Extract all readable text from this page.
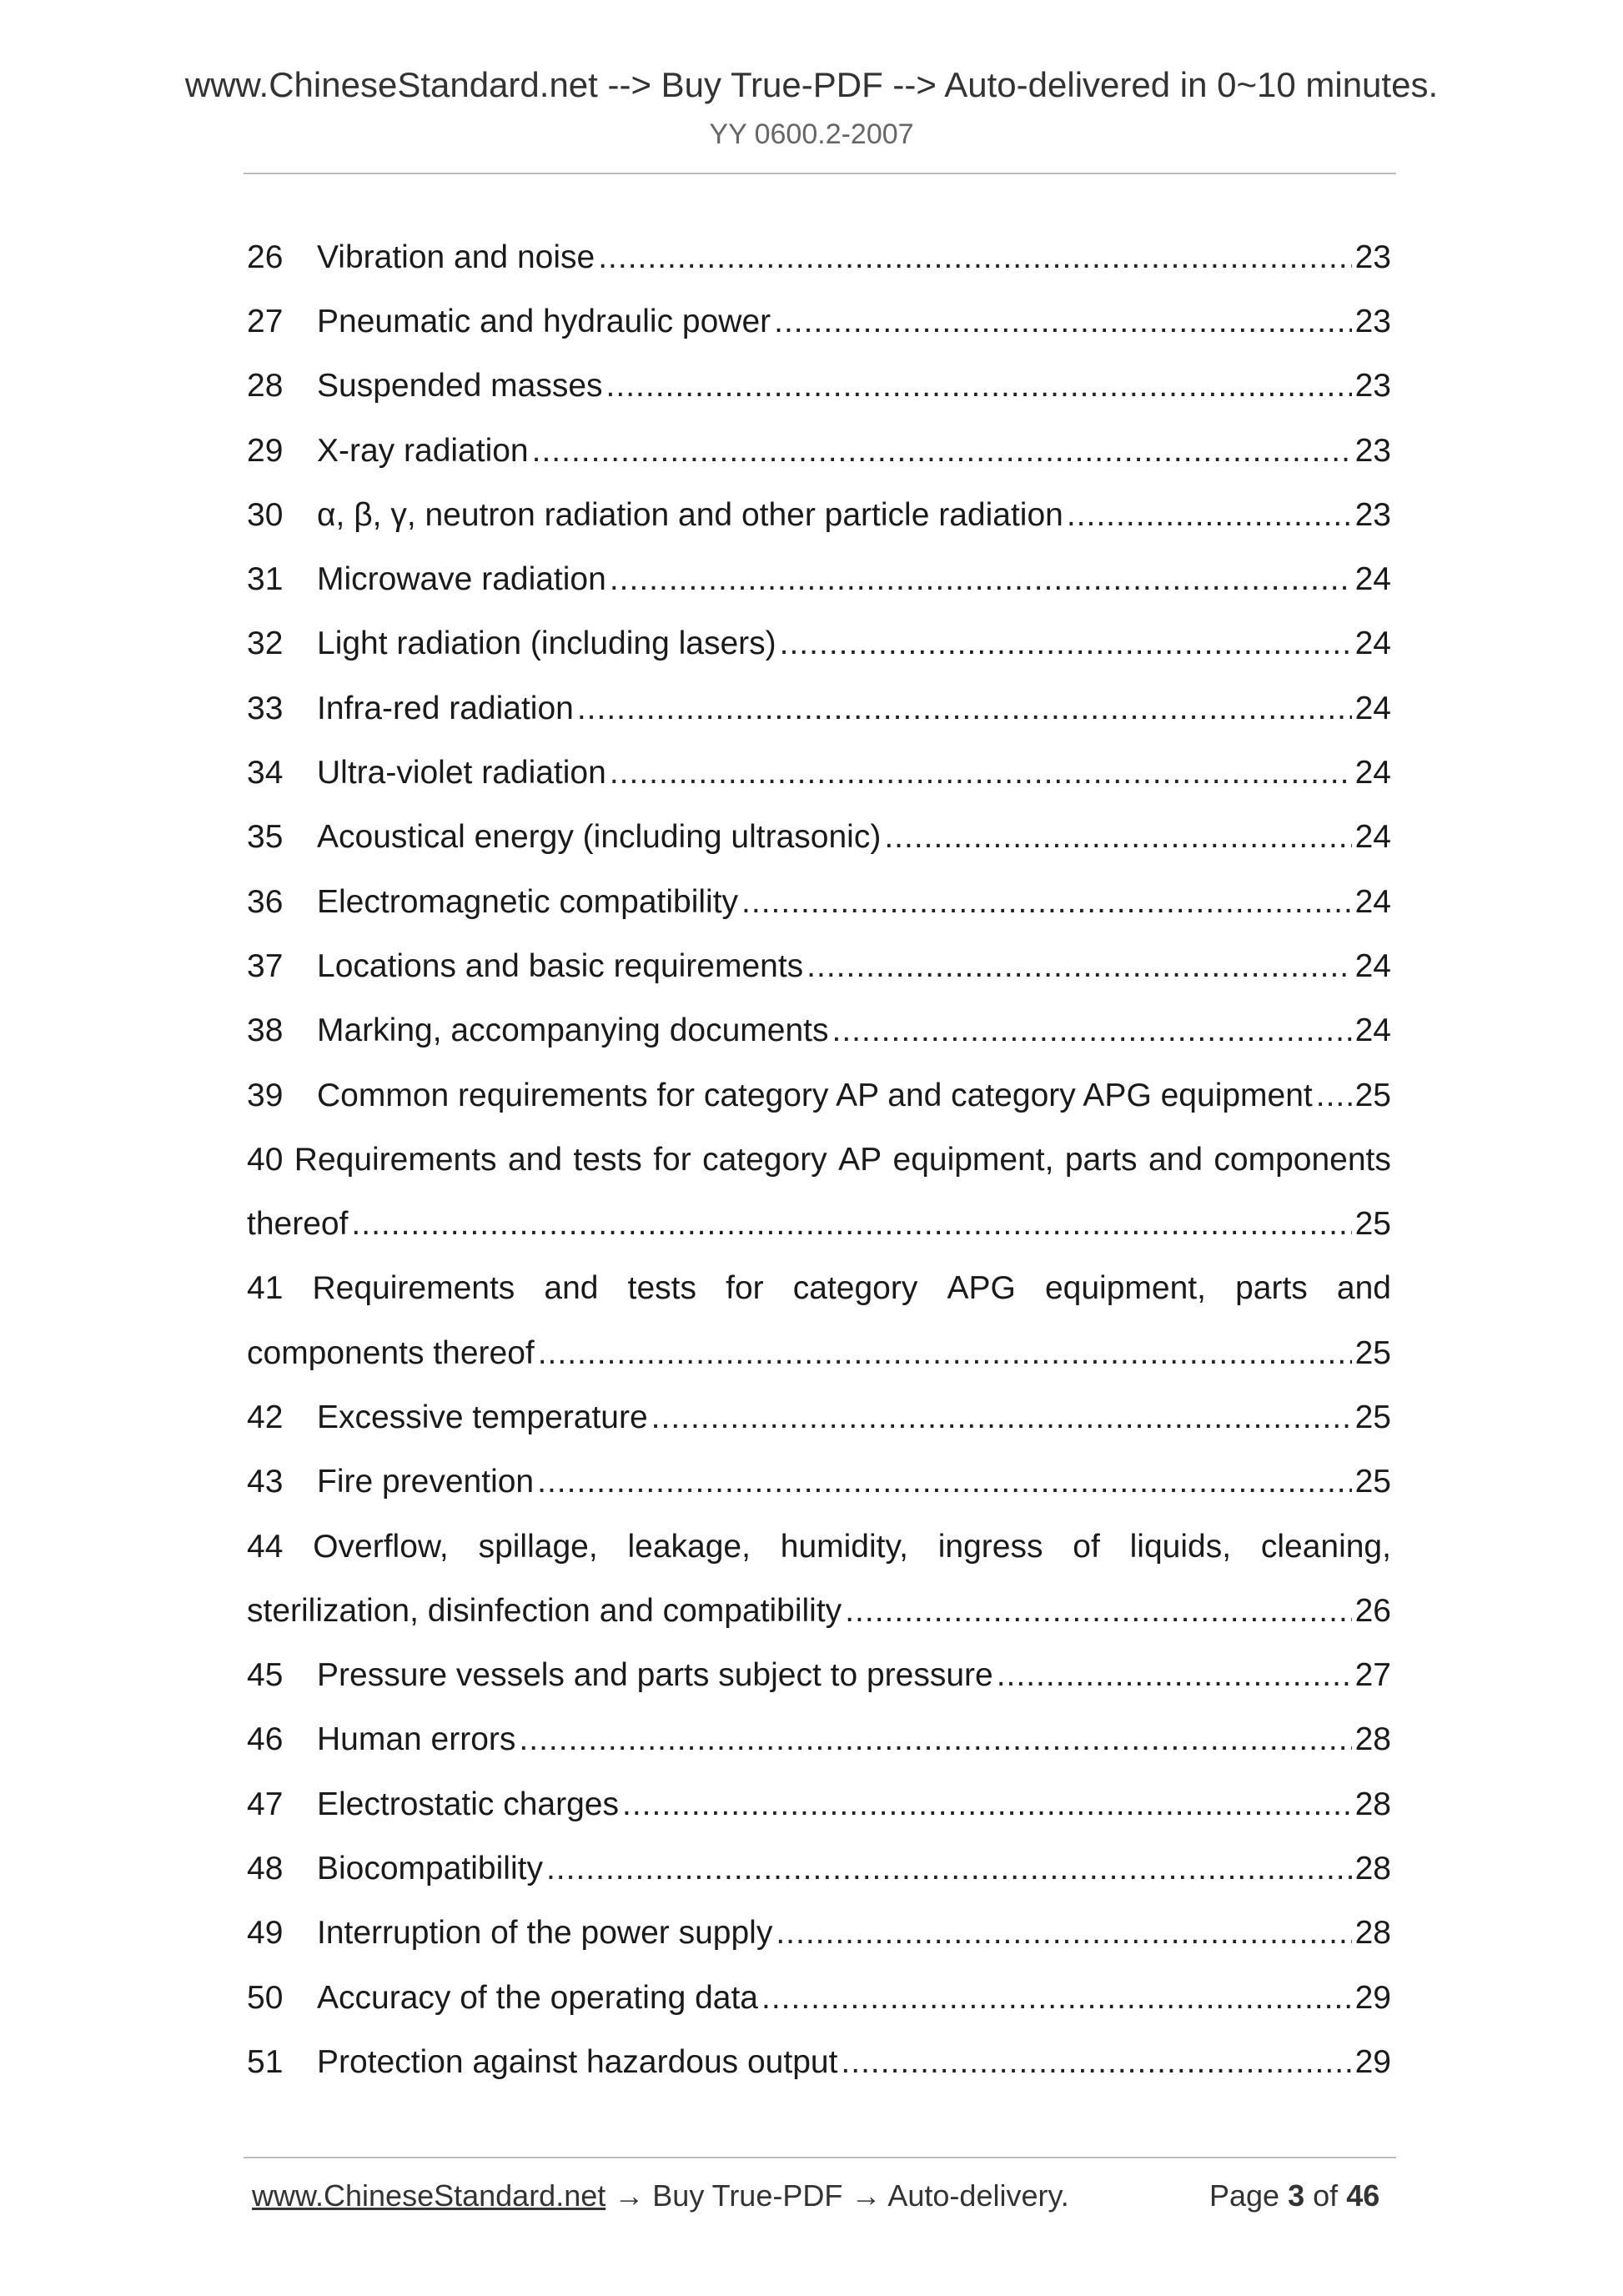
www.ChineseStandard.net --> Buy True-PDF --> Auto-delivered in 0~10 minutes.
YY 0600.2-2007
26	Vibration and noise .....	23
27	Pneumatic and hydraulic power .....	23
28	Suspended masses .....	23
29	X-ray radiation .....	23
30	α, β, γ, neutron radiation and other particle radiation .....	23
31	Microwave radiation .....	24
32	Light radiation (including lasers) .....	24
33	Infra-red radiation .....	24
34	Ultra-violet radiation .....	24
35	Acoustical energy (including ultrasonic) .....	24
36	Electromagnetic compatibility .....	24
37	Locations and basic requirements .....	24
38	Marking, accompanying documents .....	24
39	Common requirements for category AP and category APG equipment ..... 25
40 Requirements and tests for category AP equipment, parts and components
thereof .....	25
41 Requirements and tests for category APG equipment, parts and
components thereof .....	25
42	Excessive temperature .....	25
43	Fire prevention .....	25
44 Overflow, spillage, leakage, humidity, ingress of liquids, cleaning,
sterilization, disinfection and compatibility .....	26
45	Pressure vessels and parts subject to pressure .....	27
46	Human errors .....	28
47	Electrostatic charges .....	28
48	Biocompatibility .....	28
49	Interruption of the power supply .....	28
50	Accuracy of the operating data .....	29
51	Protection against hazardous output .....	29
www.ChineseStandard.net → Buy True-PDF → Auto-delivery.	Page 3 of 46
